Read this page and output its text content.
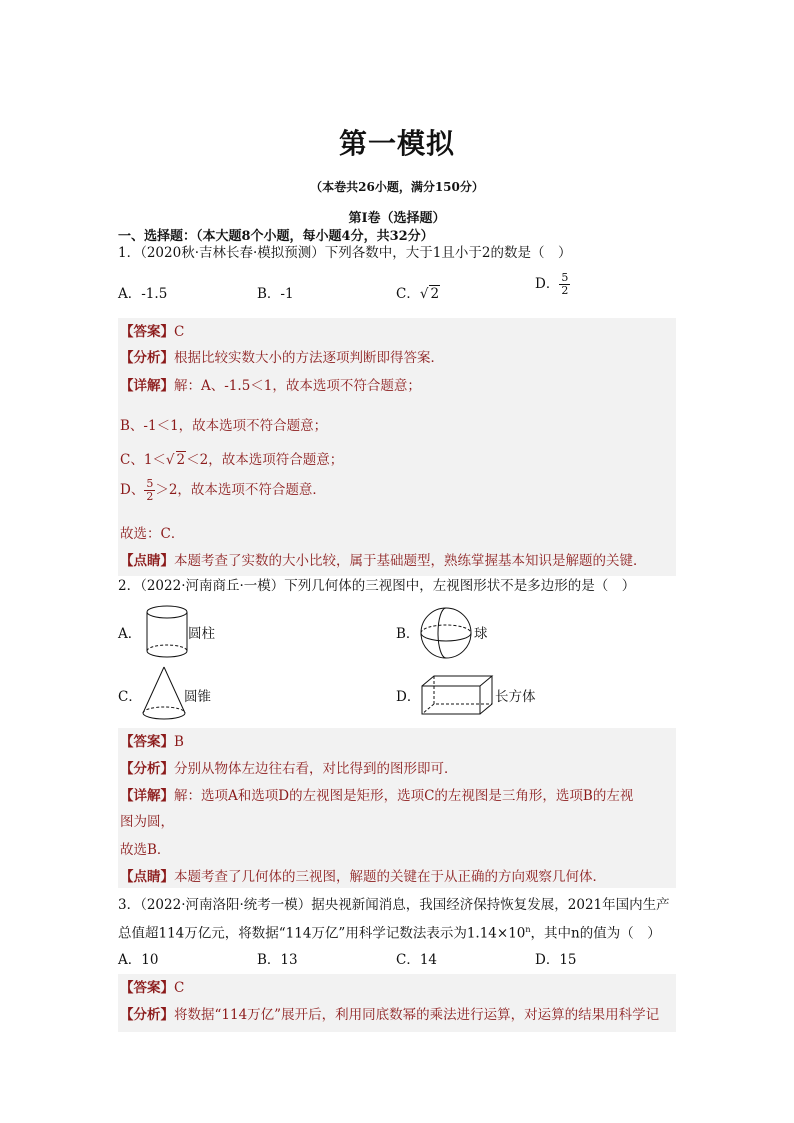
第一模拟
（本卷共26小题，满分150分）
第Ⅰ卷（选择题）
一、选择题：（本大题8个小题，每小题4分，共32分）
1．（2020秋·吉林长春·模拟预测）下列各数中，大于1且小于2的数是（　）
A．-1.5	B．-1	C．√ 2
D． $\frac{5}{2}$
【答案】C
【分析】根据比较实数大小的方法逐项判断即得答案．
【详解】解：A、-1.5＜1，故本选项不符合题意；
B、-1＜1，故本选项不符合题意；
C、1＜√ 2＜2，故本选项符合题意；
D、 $\frac{5}{2} >2$，故本选项不符合题意．
故选：C．
【点睛】本题考查了实数的大小比较，属于基础题型，熟练掌握基本知识是解题的关键．
2．（2022·河南商丘·一模）下列几何体的三视图中，左视图形状不是多边形的是（　）
A．	圆柱	B．	球
C．	圆锥	D．	长方体
【答案】B
【分析】分别从物体左边往右看，对比得到的图形即可．
【详解】解：选项A和选项D的左视图是矩形，选项C的左视图是三角形，选项B的左视
图为圆，
故选B．
【点睛】本题考查了几何体的三视图，解题的关键在于从正确的方向观察几何体．
3．（2022·河南洛阳·统考一模）据央视新闻消息，我国经济保持恢复发展，2021年国内生产
总值超114万亿元，将数据“114万亿”用科学记数法表示为$1.14\times 10^n$，其中n的值为（　）
A．10	B．13	C．14	D．15
【答案】C
【分析】将数据“114万亿”展开后，利用同底数幂的乘法进行运算，对运算的结果用科学记
